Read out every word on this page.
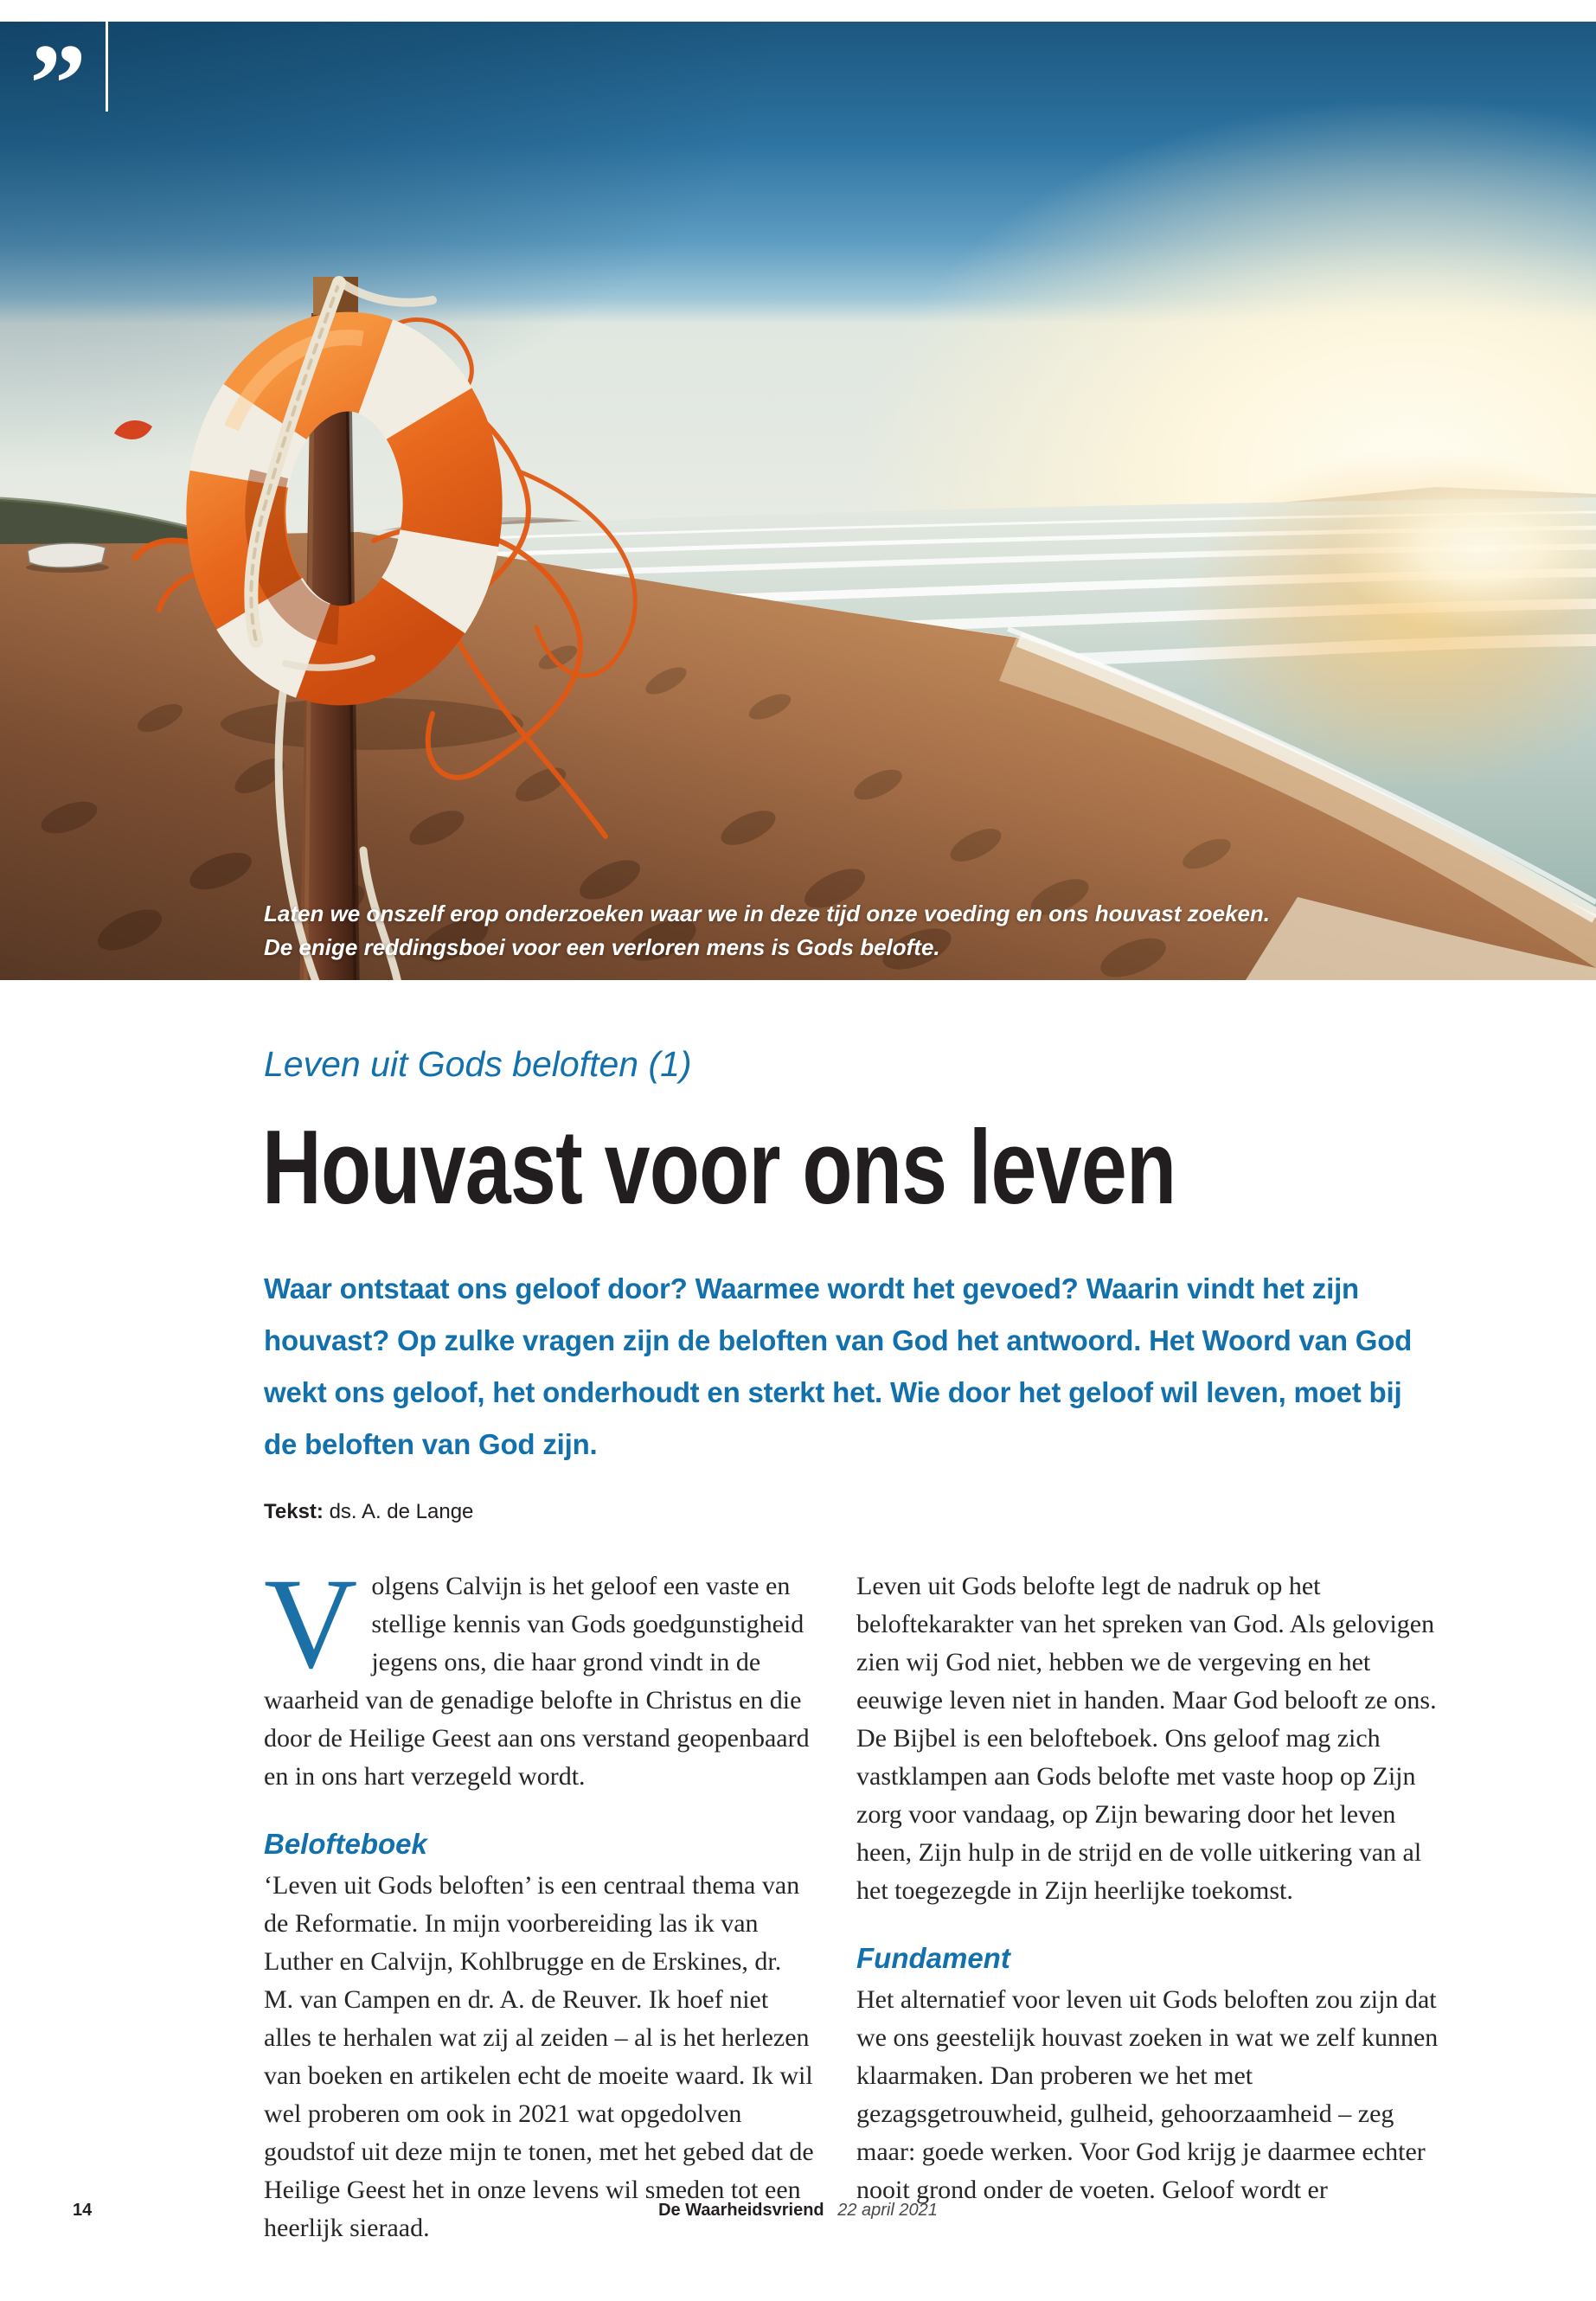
”
Laten we onszelf erop onderzoeken waar we in deze tijd onze voeding en ons houvast zoeken.
De enige reddingsboei voor een verloren mens is Gods belofte.
Leven uit Gods beloften (1)
Houvast voor ons leven
Waar ontstaat ons geloof door? Waarmee wordt het gevoed? Waarin vindt het zijn houvast? Op zulke vragen zijn de beloften van God het antwoord. Het Woord van God wekt ons geloof, het onderhoudt en sterkt het. Wie door het geloof wil leven, moet bij de beloften van God zijn.
Tekst: ds. A. de Lange

Volgens Calvijn is het geloof een vaste en stellige kennis van Gods goedgunstigheid jegens ons, die haar grond vindt in de waarheid van de genadige belofte in Christus en die door de Heilige Geest aan ons verstand geopenbaard en in ons hart verzegeld wordt.

Belofteboek

‘Leven uit Gods beloften’ is een centraal thema van de Reformatie. In mijn voorbereiding las ik van Luther en Calvijn, Kohlbrugge en de Erskines, dr. M. van Campen en dr. A. de Reuver. Ik hoef niet alles te herhalen wat zij al zeiden – al is het herlezen van boeken en artikelen echt de moeite waard. Ik wil wel proberen om ook in 2021 wat opgedolven goudstof uit deze mijn te tonen, met het gebed dat de Heilige Geest het in onze levens wil smeden tot een heerlijk sieraad.

Leven uit Gods belofte legt de nadruk op het beloftekarakter van het spreken van God. Als gelovigen zien wij God niet, hebben we de vergeving en het eeuwige leven niet in handen. Maar God belooft ze ons. De Bijbel is een belofteboek. Ons geloof mag zich vastklampen aan Gods belofte met vaste hoop op Zijn zorg voor vandaag, op Zijn bewaring door het leven heen, Zijn hulp in de strijd en de volle uitkering van al het toegezegde in Zijn heerlijke toekomst.

Fundament

Het alternatief voor leven uit Gods beloften zou zijn dat we ons geestelijk houvast zoeken in wat we zelf kunnen klaarmaken. Dan proberen we het met gezagsgetrouwheid, gulheid, gehoorzaamheid – zeg maar: goede werken. Voor God krijg je daarmee echter nooit grond onder de voeten. Geloof wordt er

14	De Waarheidsvriend 22 april 2021
